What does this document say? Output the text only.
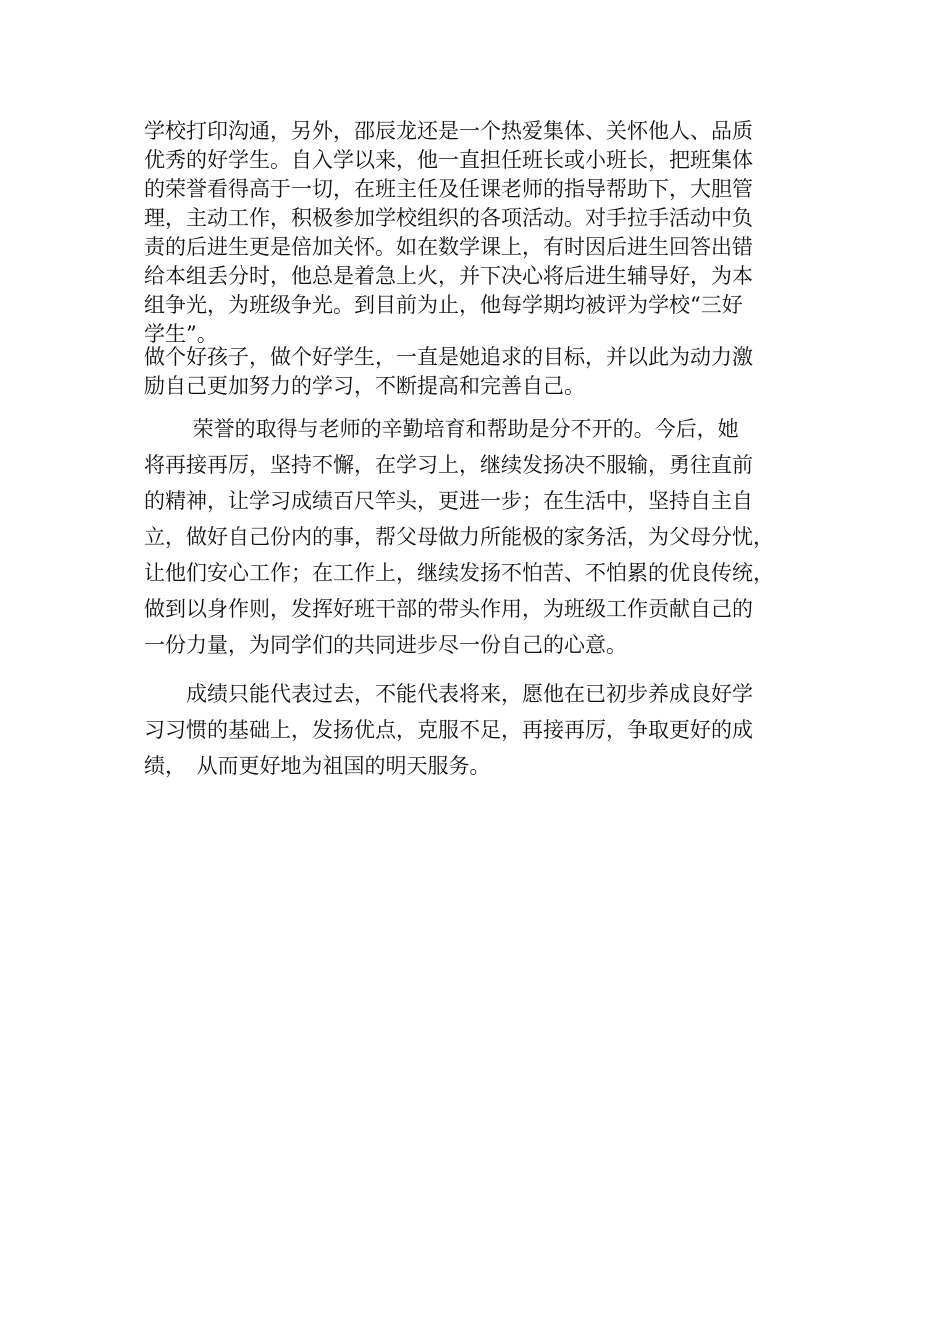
学校打印沟通，另外，邵辰龙还是一个热爱集体、关怀他人、品质
优秀的好学生。自入学以来，他一直担任班长或小班长，把班集体
的荣誉看得高于一切，在班主任及任课老师的指导帮助下，大胆管
理，主动工作，积极参加学校组织的各项活动。对手拉手活动中负
责的后进生更是倍加关怀。如在数学课上，有时因后进生回答出错
给本组丢分时，他总是着急上火，并下决心将后进生辅导好，为本
组争光，为班级争光。到目前为止，他每学期均被评为学校“三好
学生”。

做个好孩子，做个好学生，一直是她追求的目标，并以此为动力激
励自己更加努力的学习，不断提高和完善自己。

　　 荣誉的取得与老师的辛勤培育和帮助是分不开的。今后，她
将再接再厉，坚持不懈，在学习上，继续发扬决不服输，勇往直前
的精神，让学习成绩百尺竿头，更进一步；在生活中，坚持自主自
立，做好自己份内的事，帮父母做力所能极的家务活，为父母分忧，
让他们安心工作；在工作上，继续发扬不怕苦、不怕累的优良传统，
做到以身作则，发挥好班干部的带头作用，为班级工作贡献自己的
一份力量，为同学们的共同进步尽一份自己的心意。

　　成绩只能代表过去，不能代表将来，愿他在已初步养成良好学
习习惯的基础上，发扬优点，克服不足，再接再厉，争取更好的成
绩，　从而更好地为祖国的明天服务。
